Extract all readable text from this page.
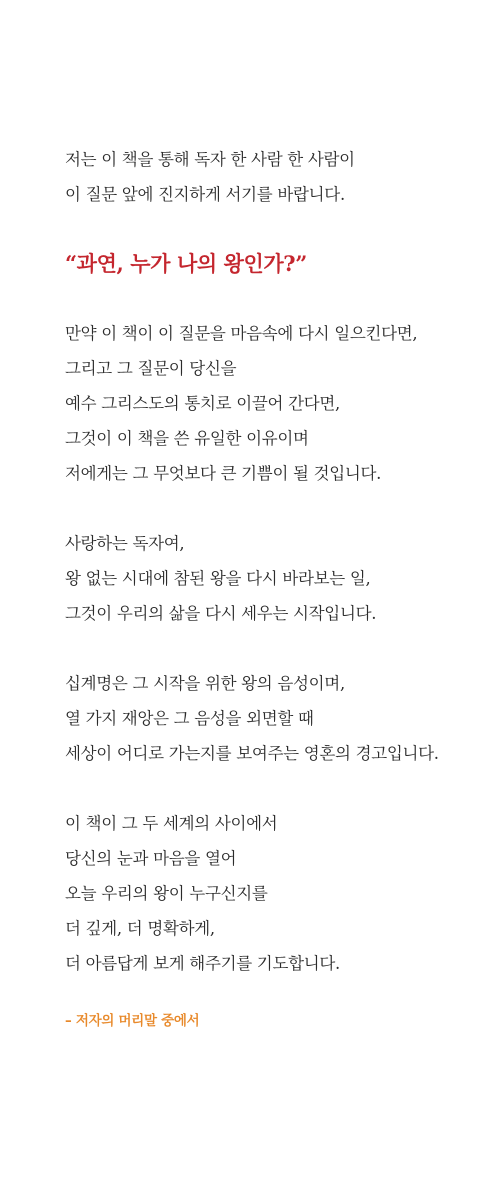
저는 이 책을 통해 독자 한 사람 한 사람이
이 질문 앞에 진지하게 서기를 바랍니다.
“과연, 누가 나의 왕인가?”
만약 이 책이 이 질문을 마음속에 다시 일으킨다면,
그리고 그 질문이 당신을
예수 그리스도의 통치로 이끌어 간다면,
그것이 이 책을 쓴 유일한 이유이며
저에게는 그 무엇보다 큰 기쁨이 될 것입니다.
사랑하는 독자여,
왕 없는 시대에 참된 왕을 다시 바라보는 일,
그것이 우리의 삶을 다시 세우는 시작입니다.
십계명은 그 시작을 위한 왕의 음성이며,
열 가지 재앙은 그 음성을 외면할 때
세상이 어디로 가는지를 보여주는 영혼의 경고입니다.
이 책이 그 두 세계의 사이에서
당신의 눈과 마음을 열어
오늘 우리의 왕이 누구신지를
더 깊게, 더 명확하게,
더 아름답게 보게 해주기를 기도합니다.
– 저자의 머리말 중에서
